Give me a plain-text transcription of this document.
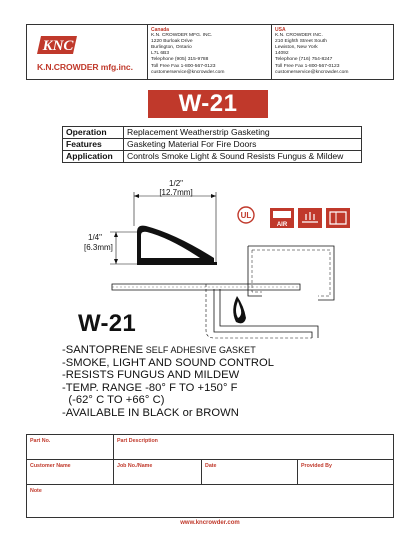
KNC
K.N.CROWDER mfg.inc.
Canada
K.N. CROWDER MFG. INC.
1220 Burloak Drive
Burlington, Ontario
L7L 6B3
Telephone (905) 315-9788
Toll Free Fax 1-800-567-0123
customerservice@kncrowder.com
USA
K.N. CROWDER INC.
210 Eighth Street South
Lewiston, New York
14092
Telephone (716) 754-8247
Toll Free Fax 1-800-567-0123
customerservice@kncrowder.com
W-21
Operation	Replacement Weatherstrip Gasketing
Features	Gasketing Material For Fire Doors
Application	Controls Smoke Light & Sound Resists Fungus & Mildew
1/2"
[12.7mm]
1/4"
[6.3mm]
UL
AIR
W-21
-SANTOPRENE SELF ADHESIVE GASKET
-SMOKE, LIGHT AND SOUND CONTROL
-RESISTS FUNGUS AND MILDEW
-TEMP. RANGE -80° F TO +150° F
(-62° C TO +66° C)
-AVAILABLE IN BLACK or BROWN
Part No.	Part Description
Customer Name	Job No./Name	Date	Provided By
Note
www.kncrowder.com
